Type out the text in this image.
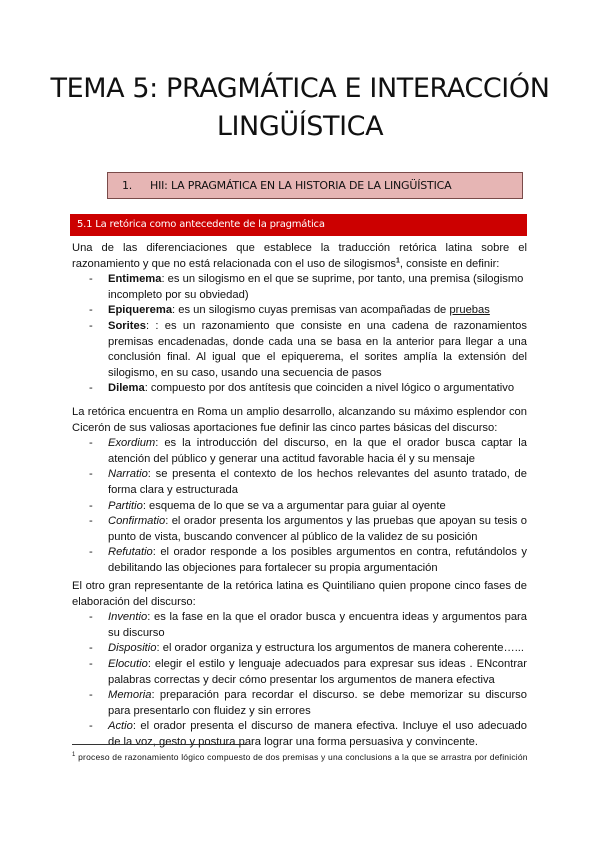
TEMA 5: PRAGMÁTICA E INTERACCIÓN
LINGÜÍSTICA
1. HII: LA PRAGMÁTICA EN LA HISTORIA DE LA LINGÜÍSTICA
5.1 La retórica como antecedente de la pragmática
Una de las diferenciaciones que establece la traducción retórica latina sobre el
razonamiento y que no está relacionada con el uso de silogismos$^1$, consiste en definir:
- Entimema: es un silogismo en el que se suprime, por tanto, una premisa (silogismo incompleto por su obviedad)
- Epiquerema: es un silogismo cuyas premisas van acompañadas de pruebas
- Sorites: : es un razonamiento que consiste en una cadena de razonamientos premisas encadenadas, donde cada una se basa en la anterior para llegar a una conclusión final. Al igual que el epiquerema, el sorites amplía la extensión del silogismo, en su caso, usando una secuencia de pasos
- Dilema: compuesto por dos antítesis que coinciden a nivel lógico o argumentativo
La retórica encuentra en Roma un amplio desarrollo, alcanzando su máximo esplendor con Cicerón de sus valiosas aportaciones fue definir las cinco partes básicas del discurso:
- Exordium: es la introducción del discurso, en la que el orador busca captar la atención del público y generar una actitud favorable hacia él y su mensaje
- Narratio: se presenta el contexto de los hechos relevantes del asunto tratado, de forma clara y estructurada
- Partitio: esquema de lo que se va a argumentar para guiar al oyente
- Confirmatio: el orador presenta los argumentos y las pruebas que apoyan su tesis o punto de vista, buscando convencer al público de la validez de su posición
- Refutatio: el orador responde a los posibles argumentos en contra, refutándolos y debilitando las objeciones para fortalecer su propia argumentación
El otro gran representante de la retórica latina es Quintiliano quien propone cinco fases de elaboración del discurso:
- Inventio: es la fase en la que el orador busca y encuentra ideas y argumentos para su discurso
- Dispositio: el orador organiza y estructura los argumentos de manera coherente…...
- Elocutio: elegir el estilo y lenguaje adecuados para expresar sus ideas . ENcontrar palabras correctas y decir cómo presentar los argumentos de manera efectiva
- Memoria: preparación para recordar el discurso. se debe memorizar su discurso para presentarlo con fluidez y sin errores
- Actio: el orador presenta el discurso de manera efectiva. Incluye el uso adecuado de la voz, gesto y postura para lograr una forma persuasiva y convincente.
$^1$ proceso de razonamiento lógico compuesto de dos premisas y una conclusions a la que se arrastra por definición
